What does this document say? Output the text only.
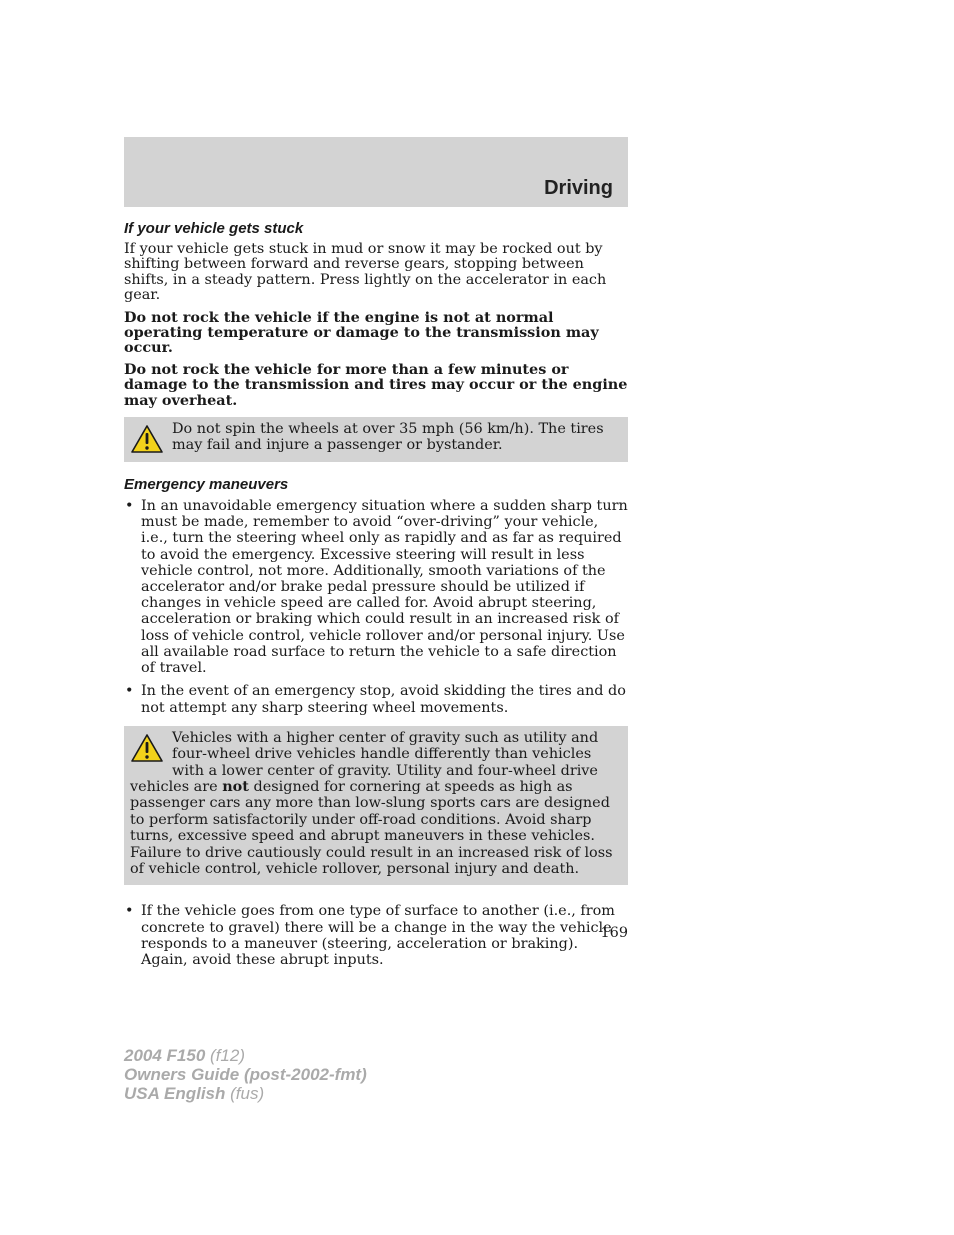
Driving
If your vehicle gets stuck

If your vehicle gets stuck in mud or snow it may be rocked out by shifting between forward and reverse gears, stopping between shifts, in a steady pattern. Press lightly on the accelerator in each gear.

Do not rock the vehicle if the engine is not at normal operating temperature or damage to the transmission may occur.

Do not rock the vehicle for more than a few minutes or damage to the transmission and tires may occur or the engine may overheat.

Do not spin the wheels at over 35 mph (56 km/h). The tires may fail and injure a passenger or bystander.
Emergency maneuvers
• In an unavoidable emergency situation where a sudden sharp turn must be made, remember to avoid “over-driving” your vehicle, i.e., turn the steering wheel only as rapidly and as far as required to avoid the emergency. Excessive steering will result in less vehicle control, not more. Additionally, smooth variations of the accelerator and/or brake pedal pressure should be utilized if changes in vehicle speed are called for. Avoid abrupt steering, acceleration or braking which could result in an increased risk of loss of vehicle control, vehicle rollover and/or personal injury. Use all available road surface to return the vehicle to a safe direction of travel.
• In the event of an emergency stop, avoid skidding the tires and do not attempt any sharp steering wheel movements.
Vehicles with a higher center of gravity such as utility and four-wheel drive vehicles handle differently than vehicles with a lower center of gravity. Utility and four-wheel drive vehicles are not designed for cornering at speeds as high as passenger cars any more than low-slung sports cars are designed to perform satisfactorily under off-road conditions. Avoid sharp turns, excessive speed and abrupt maneuvers in these vehicles. Failure to drive cautiously could result in an increased risk of loss of vehicle control, vehicle rollover, personal injury and death.
• If the vehicle goes from one type of surface to another (i.e., from concrete to gravel) there will be a change in the way the vehicle responds to a maneuver (steering, acceleration or braking). Again, avoid these abrupt inputs.
169
2004 F150 (f12)
Owners Guide (post-2002-fmt)
USA English (fus)
